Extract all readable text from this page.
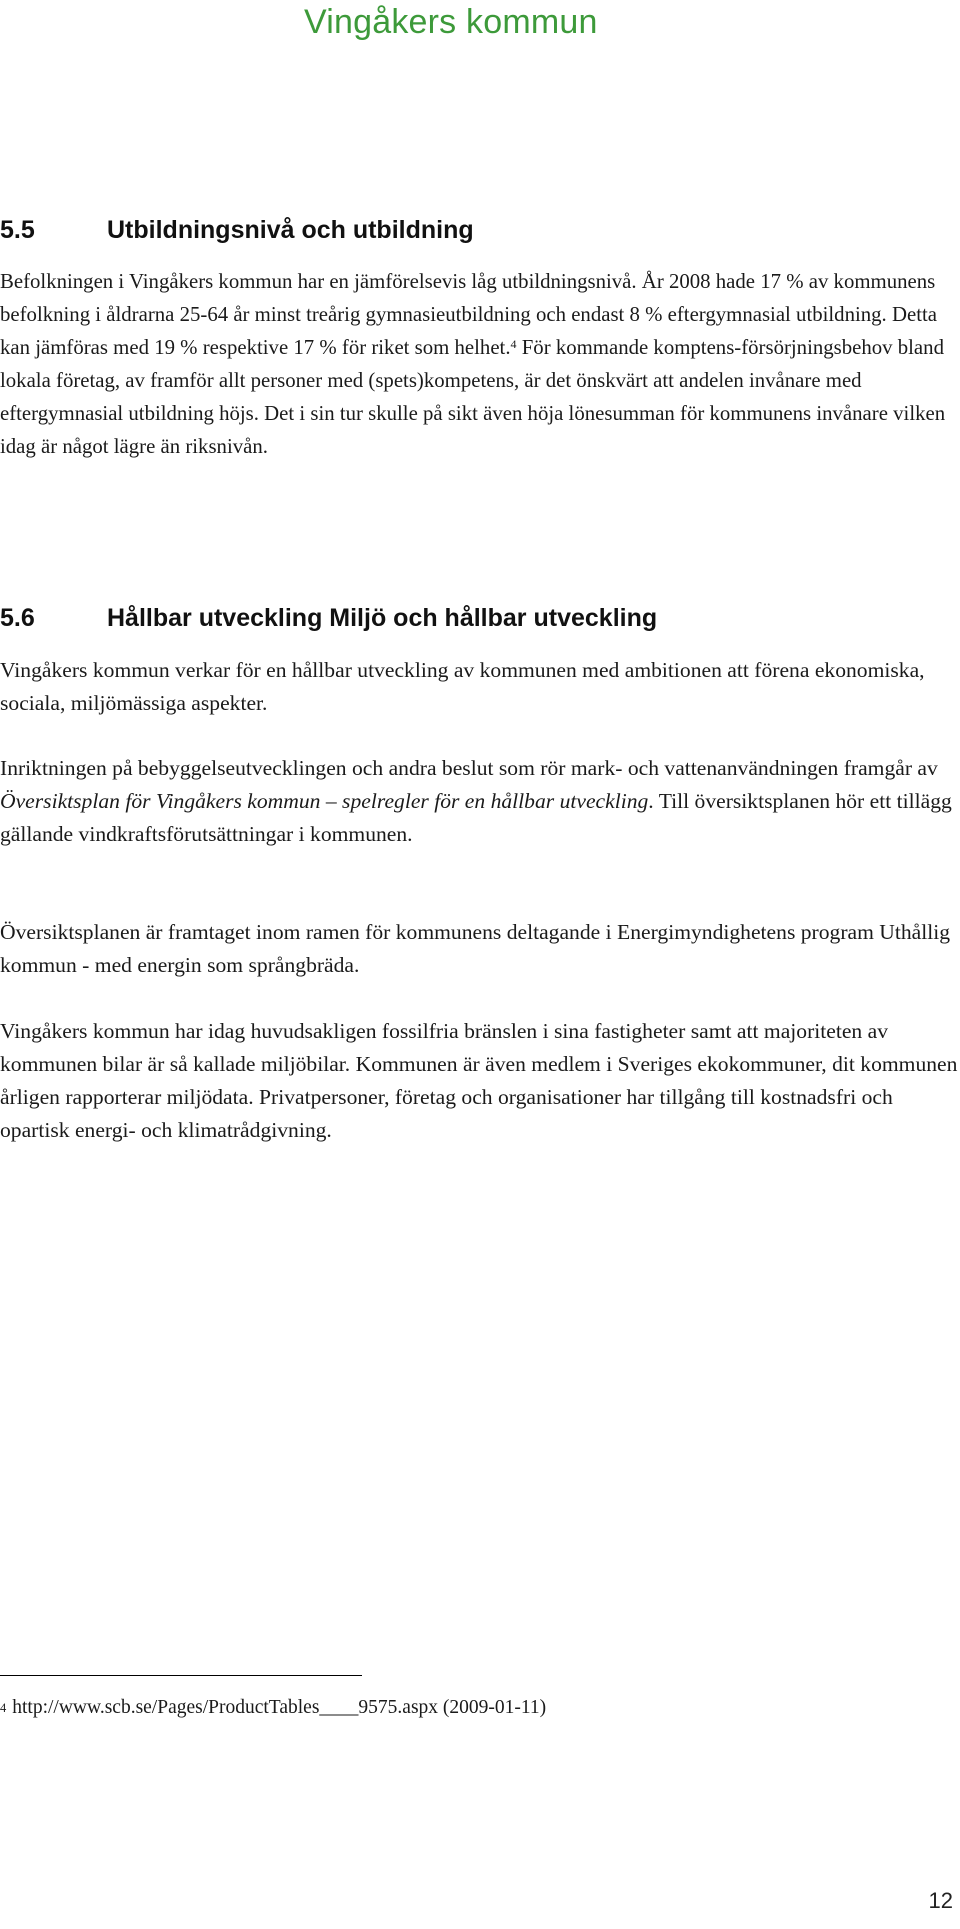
Vingåkers kommun
5.5	Utbildningsnivå och utbildning

Befolkningen i Vingåkers kommun har en jämförelsevis låg utbildningsnivå. År 2008 hade 17 % av kommunens befolkning i åldrarna 25-64 år minst treårig gymnasieutbildning och endast 8 % eftergymnasial utbildning. Detta kan jämföras med 19 % respektive 17 % för riket som helhet.$^4$ För kommande komptens-försörjningsbehov bland lokala företag, av framför allt personer med (spets)kompetens, är det önskvärt att andelen invånare med eftergymnasial utbildning höjs. Det i sin tur skulle på sikt även höja lönesumman för kommunens invånare vilken idag är något lägre än riksnivån.

5.6	Hållbar utveckling Miljö och hållbar utveckling

Vingåkers kommun verkar för en hållbar utveckling av kommunen med ambitionen att förena ekonomiska, sociala, miljömässiga aspekter.

Inriktningen på bebyggelseutvecklingen och andra beslut som rör mark- och vattenanvändningen framgår av Översiktsplan för Vingåkers kommun – spelregler för en hållbar utveckling. Till översiktsplanen hör ett tillägg gällande vindkraftsförutsättningar i kommunen.

Översiktsplanen är framtaget inom ramen för kommunens deltagande i Energimyndighetens program Uthållig kommun - med energin som språngbräda.

Vingåkers kommun har idag huvudsakligen fossilfria bränslen i sina fastigheter samt att majoriteten av kommunen bilar är så kallade miljöbilar. Kommunen är även medlem i Sveriges ekokommuner, dit kommunen årligen rapporterar miljödata. Privatpersoner, företag och organisationer har tillgång till kostnadsfri och opartisk energi- och klimatrådgivning.

$^4$ http://www.scb.se/Pages/ProductTables____9575.aspx (2009-01-11)
12
